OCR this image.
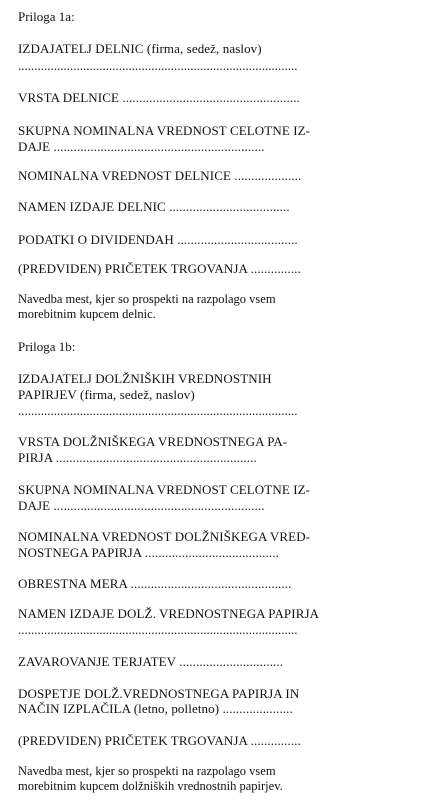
Priloga 1a:
IZDAJATELJ DELNIC (firma, sedež, naslov)
......................................................................................
VRSTA DELNICE .....................................................
SKUPNA NOMINALNA VREDNOST CELOTNE IZ-
DAJE ...............................................................
NOMINALNA VREDNOST DELNICE ....................
NAMEN IZDAJE DELNIC ....................................
PODATKI O DIVIDENDAH ....................................
(PREDVIDEN) PRIČETEK TRGOVANJA ...............
Navedba mest, kjer so prospekti na razpolago vsem
morebitnim kupcem delnic.
Priloga 1b:
IZDAJATELJ DOLŽNIŠKIH VREDNOSTNIH
PAPIRJEV (firma, sedež, naslov)
......................................................................................
VRSTA DOLŽNIŠKEGA VREDNOSTNEGA PA-
PIRJA ............................................................
SKUPNA NOMINALNA VREDNOST CELOTNE IZ-
DAJE ...............................................................
NOMINALNA VREDNOST DOLŽNIŠKEGA VRED-
NOSTNEGA PAPIRJA ........................................
OBRESTNA MERA ................................................
NAMEN IZDAJE DOLŽ. VREDNOSTNEGA PAPIRJA
......................................................................................
ZAVAROVANJE TERJATEV ...............................
DOSPETJE DOLŽ.VREDNOSTNEGA PAPIRJA IN
NAČIN IZPLAČILA (letno, polletno) .....................
(PREDVIDEN) PRIČETEK TRGOVANJA ...............
Navedba mest, kjer so prospekti na razpolago vsem
morebitnim kupcem dolžniških vrednostnih papirjev.
